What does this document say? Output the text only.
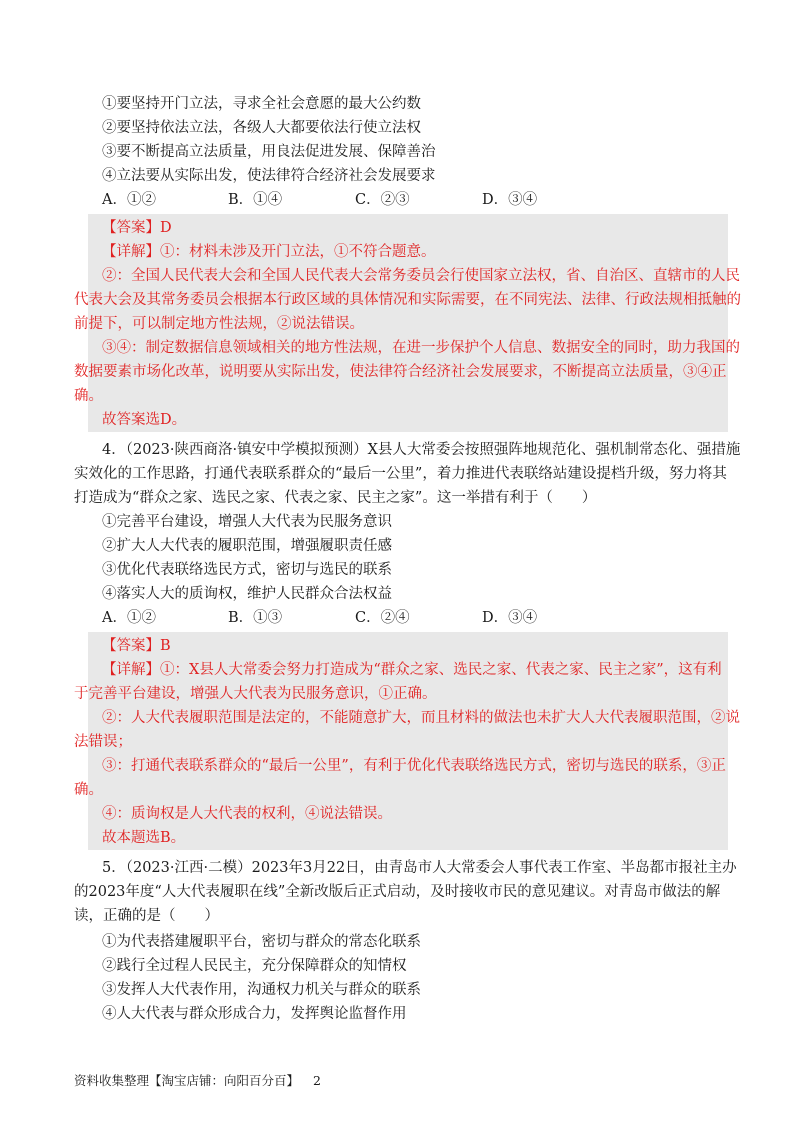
①要坚持开门立法，寻求全社会意愿的最大公约数
②要坚持依法立法，各级人大都要依法行使立法权
③要不断提高立法质量，用良法促进发展、保障善治
④立法要从实际出发，使法律符合经济社会发展要求
A．①②	B．①④	C．②③	D．③④
【答案】D
【详解】①：材料未涉及开门立法，①不符合题意。
②：全国人民代表大会和全国人民代表大会常务委员会行使国家立法权，省、自治区、直辖市的人民
代表大会及其常务委员会根据本行政区域的具体情况和实际需要，在不同宪法、法律、行政法规相抵触的
前提下，可以制定地方性法规，②说法错误。
③④：制定数据信息领域相关的地方性法规，在进一步保护个人信息、数据安全的同时，助力我国的
数据要素市场化改革，说明要从实际出发，使法律符合经济社会发展要求，不断提高立法质量，③④正
确。
故答案选D。
4．（2023·陕西商洛·镇安中学模拟预测）X县人大常委会按照强阵地规范化、强机制常态化、强措施
实效化的工作思路，打通代表联系群众的“最后一公里”，着力推进代表联络站建设提档升级，努力将其
打造成为“群众之家、选民之家、代表之家、民主之家”。这一举措有利于（　　）
①完善平台建设，增强人大代表为民服务意识
②扩大人大代表的履职范围，增强履职责任感
③优化代表联络选民方式，密切与选民的联系
④落实人大的质询权，维护人民群众合法权益
A．①②	B．①③	C．②④	D．③④
【答案】B
【详解】①：X县人大常委会努力打造成为“群众之家、选民之家、代表之家、民主之家”，这有利
于完善平台建设，增强人大代表为民服务意识，①正确。
②：人大代表履职范围是法定的，不能随意扩大，而且材料的做法也未扩大人大代表履职范围，②说
法错误；
③：打通代表联系群众的“最后一公里”，有利于优化代表联络选民方式，密切与选民的联系，③正
确。
④：质询权是人大代表的权利，④说法错误。
故本题选B。
5．（2023·江西·二模）2023年3月22日，由青岛市人大常委会人事代表工作室、半岛都市报社主办
的2023年度“人大代表履职在线”全新改版后正式启动，及时接收市民的意见建议。对青岛市做法的解
读，正确的是（　　）
①为代表搭建履职平台，密切与群众的常态化联系
②践行全过程人民民主，充分保障群众的知情权
③发挥人大代表作用，沟通权力机关与群众的联系
④人大代表与群众形成合力，发挥舆论监督作用
资料收集整理【淘宝店铺：向阳百分百】 2
